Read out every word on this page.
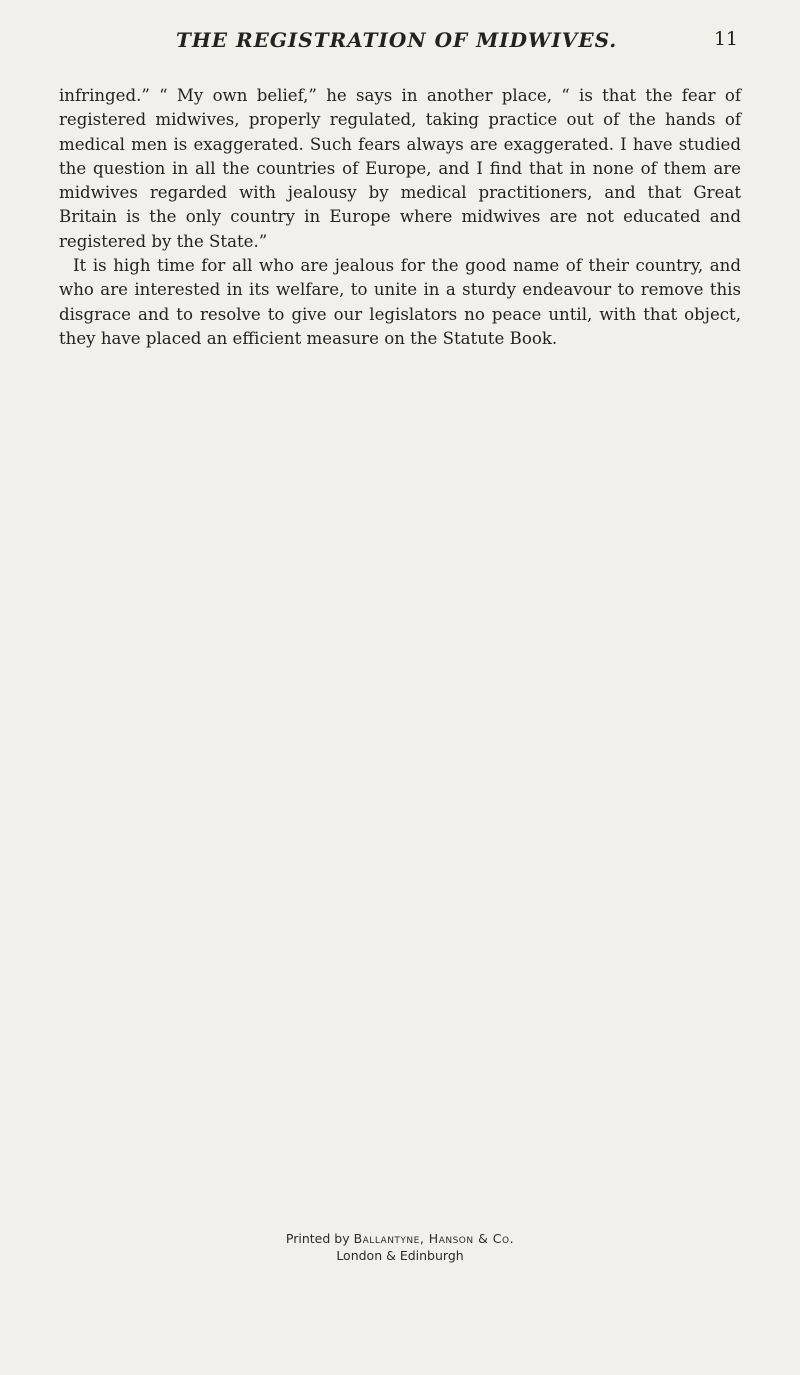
THE REGISTRATION OF MIDWIVES.	11

infringed.” “ My own belief,” he says in another place, “ is that the fear of registered midwives, properly regulated, taking practice out of the hands of medical men is exaggerated. Such fears always are exaggerated. I have studied the question in all the countries of Europe, and I find that in none of them are midwives regarded with jealousy by medical practitioners, and that Great Britain is the only country in Europe where midwives are not educated and registered by the State.”

It is high time for all who are jealous for the good name of their country, and who are interested in its welfare, to unite in a sturdy endeavour to remove this disgrace and to resolve to give our legislators no peace until, with that object, they have placed an efficient measure on the Statute Book.

Printed by Ballantyne, Hanson & Co.
London & Edinburgh
